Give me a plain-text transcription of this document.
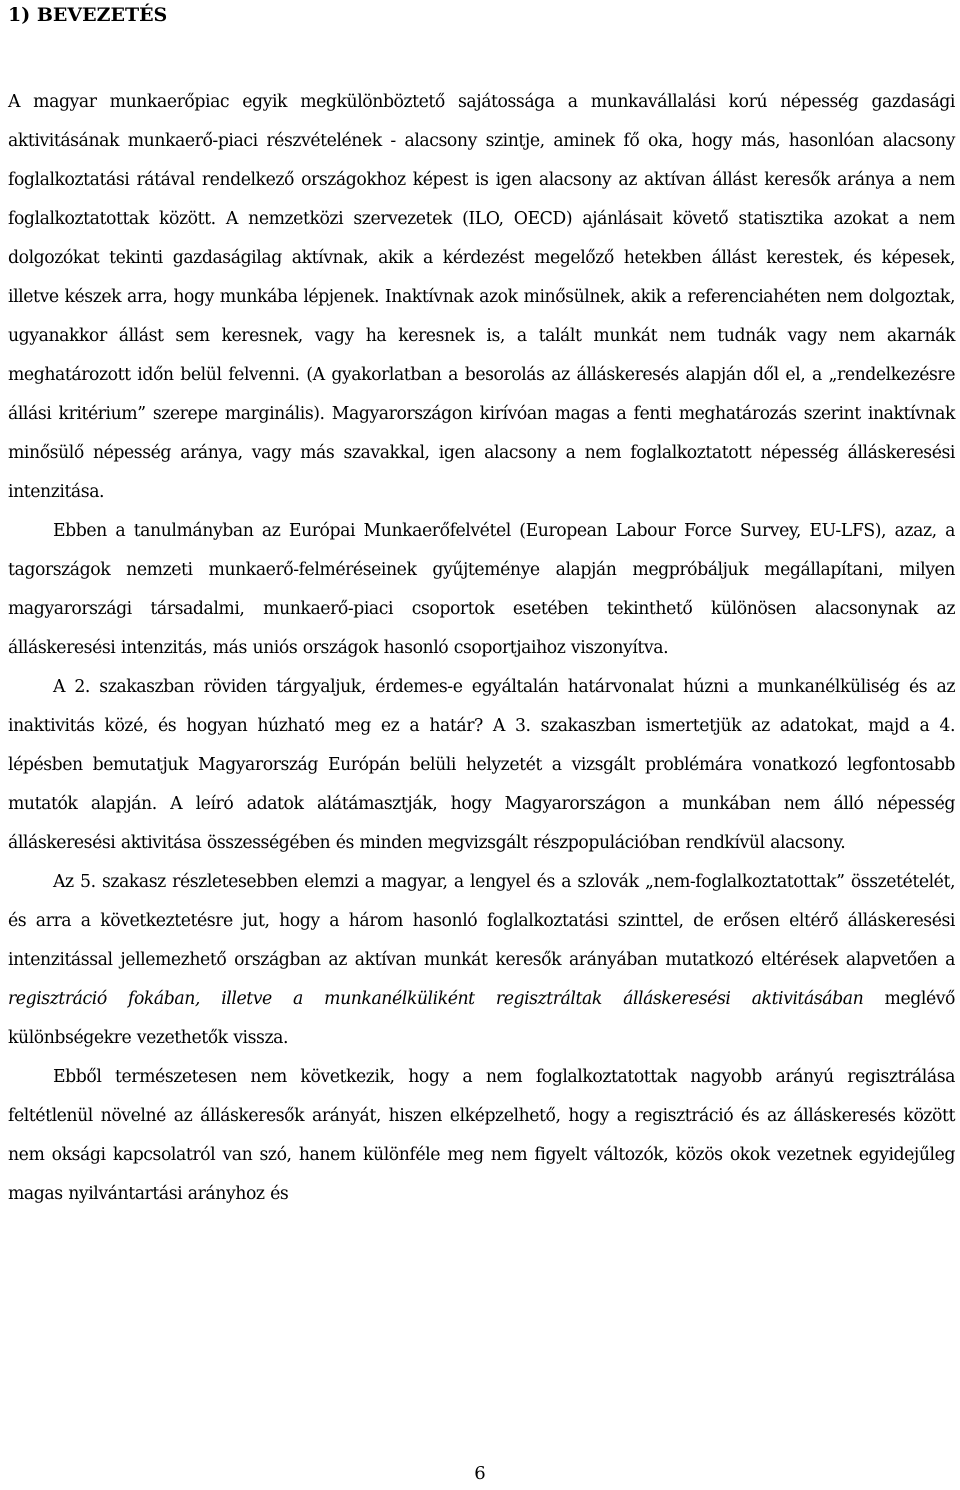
1) BEVEZETÉS

A magyar munkaerőpiac egyik megkülönböztető sajátossága a munkavállalási korú népesség gazdasági aktivitásának munkaerő-piaci részvételének - alacsony szintje, aminek fő oka, hogy más, hasonlóan alacsony foglalkoztatási rátával rendelkező országokhoz képest is igen alacsony az aktívan állást keresők aránya a nem foglalkoztatottak között. A nemzetközi szervezetek (ILO, OECD) ajánlásait követő statisztika azokat a nem dolgozókat tekinti gazdaságilag aktívnak, akik a kérdezést megelőző hetekben állást kerestek, és képesek, illetve készek arra, hogy munkába lépjenek. Inaktívnak azok minősülnek, akik a referenciahéten nem dolgoztak, ugyanakkor állást sem keresnek, vagy ha keresnek is, a talált munkát nem tudnák vagy nem akarnák meghatározott időn belül felvenni. (A gyakorlatban a besorolás az álláskeresés alapján dől el, a „rendelkezésre állási kritérium” szerepe marginális). Magyarországon kirívóan magas a fenti meghatározás szerint inaktívnak minősülő népesség aránya, vagy más szavakkal, igen alacsony a nem foglalkoztatott népesség álláskeresési intenzitása.

Ebben a tanulmányban az Európai Munkaerőfelvétel (European Labour Force Survey, EU-LFS), azaz, a tagországok nemzeti munkaerő-felméréseinek gyűjteménye alapján megpróbáljuk megállapítani, milyen magyarországi társadalmi, munkaerő-piaci csoportok esetében tekinthető különösen alacsonynak az álláskeresési intenzitás, más uniós országok hasonló csoportjaihoz viszonyítva.

A 2. szakaszban röviden tárgyaljuk, érdemes-e egyáltalán határvonalat húzni a munkanélküliség és az inaktivitás közé, és hogyan húzható meg ez a határ? A 3. szakaszban ismertetjük az adatokat, majd a 4. lépésben bemutatjuk Magyarország Európán belüli helyzetét a vizsgált problémára vonatkozó legfontosabb mutatók alapján. A leíró adatok alátámasztják, hogy Magyarországon a munkában nem álló népesség álláskeresési aktivitása összességében és minden megvizsgált részpopulációban rendkívül alacsony.

Az 5. szakasz részletesebben elemzi a magyar, a lengyel és a szlovák „nem-foglalkoztatottak” összetételét, és arra a következtetésre jut, hogy a három hasonló foglalkoztatási szinttel, de erősen eltérő álláskeresési intenzitással jellemezhető országban az aktívan munkát keresők arányában mutatkozó eltérések alapvetően a regisztráció fokában, illetve a munkanélküliként regisztráltak álláskeresési aktivitásában meglévő különbségekre vezethetők vissza.

Ebből természetesen nem következik, hogy a nem foglalkoztatottak nagyobb arányú regisztrálása feltétlenül növelné az álláskeresők arányát, hiszen elképzelhető, hogy a regisztráció és az álláskeresés között nem oksági kapcsolatról van szó, hanem különféle meg nem figyelt változók, közös okok vezetnek egyidejűleg magas nyilvántartási arányhoz és

6
